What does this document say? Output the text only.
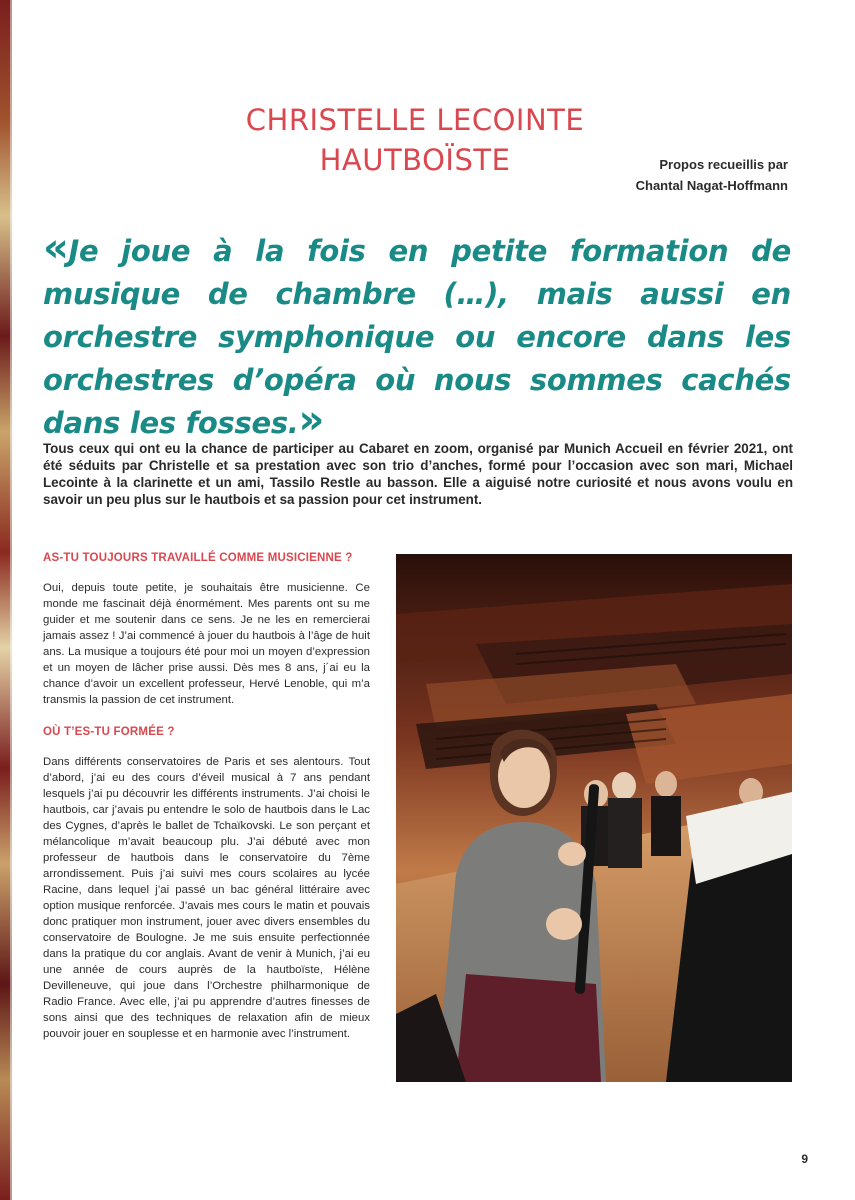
CHRISTELLE LECOINTE
HAUTBOÏSTE	Propos recueillis par
Chantal Nagat-Hoffmann

«Je joue à la fois en petite formation de musique de chambre (…), mais aussi en orchestre symphonique ou encore dans les orchestres d’opéra où nous sommes cachés dans les fosses.»

Tous ceux qui ont eu la chance de participer au Cabaret en zoom, organisé par Munich Accueil en février 2021, ont été séduits par Christelle et sa prestation avec son trio d’anches, formé pour l’occasion avec son mari, Michael Lecointe à la clarinette et un ami, Tassilo Restle au basson. Elle a aiguisé notre curiosité et nous avons voulu en savoir un peu plus sur le hautbois et sa passion pour cet instrument.

AS-TU TOUJOURS TRAVAILLÉ COMME MUSICIENNE ?

Oui, depuis toute petite, je souhaitais être musicienne. Ce monde me fascinait déjà énormément. Mes parents ont su me guider et me soutenir dans ce sens. Je ne les en remercierai jamais assez ! J’ai commencé à jouer du hautbois à l’âge de huit ans. La musique a toujours été pour moi un moyen d’expression et un moyen de lâcher prise aussi. Dès mes 8 ans, j´ai eu la chance d’avoir un excellent professeur, Hervé Lenoble, qui m’a transmis la passion de cet instrument.

OÙ T’ES-TU FORMÉE ?

Dans différents conservatoires de Paris et ses alentours. Tout d’abord, j’ai eu des cours d’éveil musical à 7 ans pendant lesquels j’ai pu découvrir les différents instruments. J’ai choisi le hautbois, car j’avais pu entendre le solo de hautbois dans le Lac des Cygnes, d’après le ballet de Tchaïkovski. Le son perçant et mélancolique m’avait beaucoup plu. J’ai débuté avec mon professeur de hautbois dans le conservatoire du 7ème arrondissement. Puis j’ai suivi mes cours scolaires au lycée Racine, dans lequel j’ai passé un bac général littéraire avec option musique renforcée. J’avais mes cours le matin et pouvais donc pratiquer mon instrument, jouer avec divers ensembles du conservatoire de Boulogne. Je me suis ensuite perfectionnée dans la pratique du cor anglais. Avant de venir à Munich, j’ai eu une année de cours auprès de la hautboïste, Hélène Devilleneuve, qui joue dans l’Orchestre philharmonique de Radio France. Avec elle, j’ai pu apprendre d’autres finesses de sons ainsi que des techniques de relaxation afin de mieux pouvoir jouer en souplesse et en harmonie avec l’instrument.

9
